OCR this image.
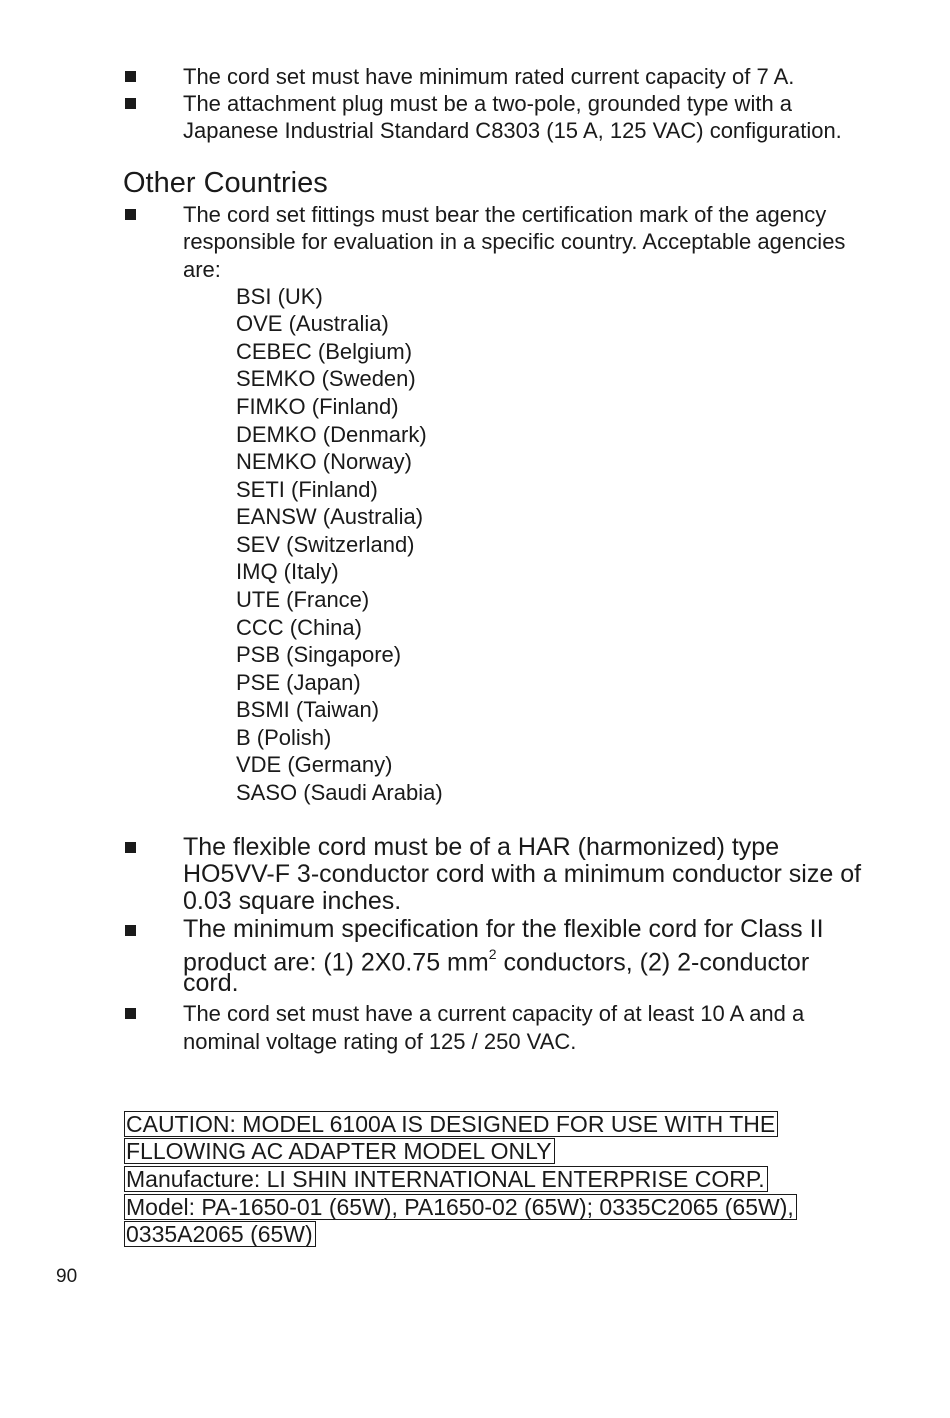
The cord set must have minimum rated current capacity of 7 A.
The attachment plug must be a two-pole, grounded type with a
Japanese Industrial Standard C8303 (15 A, 125 VAC) configuration.
Other Countries
The cord set fittings must bear the certification mark of the agency
responsible for evaluation in a specific country. Acceptable agencies
are:
BSI (UK)
OVE (Australia)
CEBEC (Belgium)
SEMKO (Sweden)
FIMKO (Finland)
DEMKO (Denmark)
NEMKO (Norway)
SETI (Finland)
EANSW (Australia)
SEV (Switzerland)
IMQ (Italy)
UTE (France)
CCC (China)
PSB (Singapore)
PSE (Japan)
BSMI (Taiwan)
B (Polish)
VDE (Germany)
SASO (Saudi Arabia)
The flexible cord must be of a HAR (harmonized) type
HO5VV-F 3-conductor cord with a minimum conductor size of
0.03 square inches.
The minimum specification for the flexible cord for Class II
product are: (1) 2X0.75 $mm^2$ conductors, (2) 2-conductor
cord.
The cord set must have a current capacity of at least 10 A and a
nominal voltage rating of 125 / 250 VAC.
CAUTION: MODEL 6100A IS DESIGNED FOR USE WITH THE
FLLOWING AC ADAPTER MODEL ONLY
Manufacture: LI SHIN INTERNATIONAL ENTERPRISE CORP.
Model: PA-1650-01 (65W), PA1650-02 (65W); 0335C2065 (65W),
0335A2065 (65W)
90
